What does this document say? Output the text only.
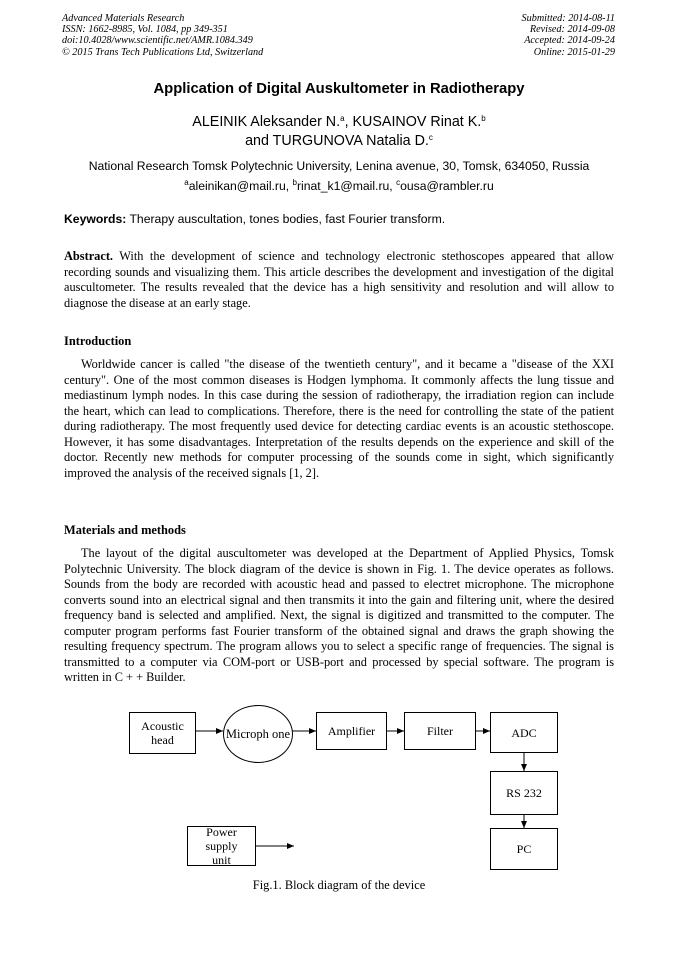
Advanced Materials Research
ISSN: 1662-8985, Vol. 1084, pp 349-351
doi:10.4028/www.scientific.net/AMR.1084.349
© 2015 Trans Tech Publications Ltd, Switzerland
Submitted: 2014-08-11
Revised: 2014-09-08
Accepted: 2014-09-24
Online: 2015-01-29
Application of Digital Auskultometer in Radiotherapy
ALEINIK Aleksander N.$^a$, KUSAINOV Rinat K.$^b$
and TURGUNOVA Natalia D.$^c$
National Research Tomsk Polytechnic University, Lenina avenue, 30, Tomsk, 634050, Russia
$^a$aleinikan@mail.ru, $^b$rinat_k1@mail.ru, $^c$ousa@rambler.ru
Keywords: Therapy auscultation, tones bodies, fast Fourier transform.
Abstract. With the development of science and technology electronic stethoscopes appeared that allow recording sounds and visualizing them. This article describes the development and investigation of the digital auscultometer. The results revealed that the device has a high sensitivity and resolution and will allow to diagnose the disease at an early stage.
Introduction
Worldwide cancer is called "the disease of the twentieth century", and it became a "disease of the XXI century". One of the most common diseases is Hodgen lymphoma. It commonly affects the lung tissue and mediastinum lymph nodes. In this case during the session of radiotherapy, the irradiation region can include the heart, which can lead to complications. Therefore, there is the need for controlling the state of the patient during radiotherapy. The most frequently used device for detecting cardiac events is an acoustic stethoscope. However, it has some disadvantages. Interpretation of the results depends on the experience and skill of the doctor. Recently new methods for computer processing of the sounds come in sight, which significantly improved the analysis of the received signals [1, 2].
Materials and methods
The layout of the digital auscultometer was developed at the Department of Applied Physics, Tomsk Polytechnic University. The block diagram of the device is shown in Fig. 1. The device operates as follows. Sounds from the body are recorded with acoustic head and passed to electret microphone. The microphone converts sound into an electrical signal and then transmits it into the gain and filtering unit, where the desired frequency band is selected and amplified. Next, the signal is digitized and transmitted to the computer. The computer program performs fast Fourier transform of the obtained signal and draws the graph showing the resulting frequency spectrum. The program allows you to select a specific range of frequencies. The signal is transmitted to a computer via COM-port or USB-port and processed by special software. The program is written in C + + Builder.
Acoustic head	Microph one	Amplifier	Filter	ADC
RS 232
PC
Power supply unit
Fig.1. Block diagram of the device
